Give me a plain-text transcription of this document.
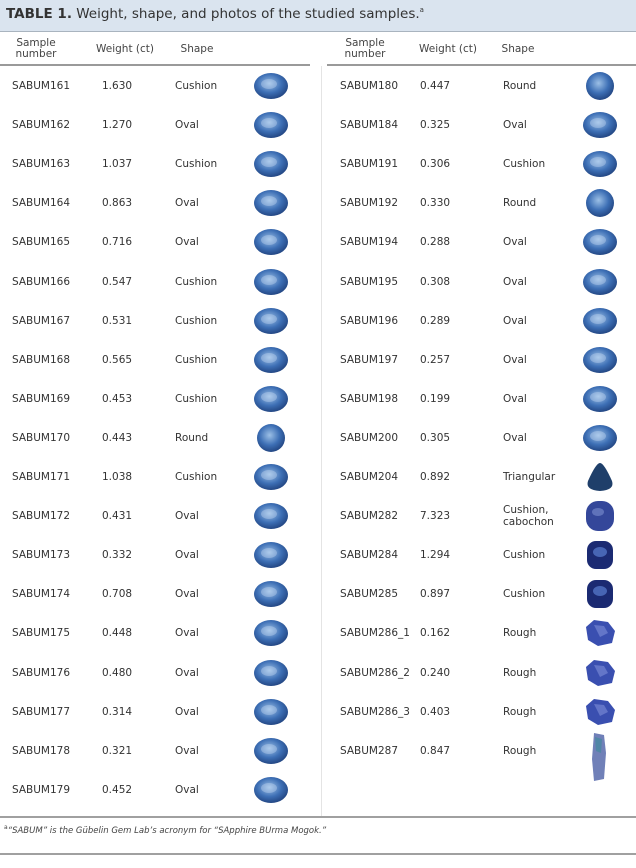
TABLE 1. Weight, shape, and photos of the studied samples.$^a$
Sample
number	Weight (ct)	Shape
SABUM161	1.630	Cushion
SABUM162	1.270	Oval
SABUM163	1.037	Cushion
SABUM164	0.863	Oval
SABUM165	0.716	Oval
SABUM166	0.547	Cushion
SABUM167	0.531	Cushion
SABUM168	0.565	Cushion
SABUM169	0.453	Cushion
SABUM170	0.443	Round
SABUM171	1.038	Cushion
SABUM172	0.431	Oval
SABUM173	0.332	Oval
SABUM174	0.708	Oval
SABUM175	0.448	Oval
SABUM176	0.480	Oval
SABUM177	0.314	Oval
SABUM178	0.321	Oval
SABUM179	0.452	Oval
Sample
number	Weight (ct)	Shape
SABUM180 0.447	Round
SABUM184 0.325	Oval
SABUM191 0.306	Cushion
SABUM192 0.330	Round
SABUM194 0.288	Oval
SABUM195 0.308	Oval
SABUM196 0.289	Oval
SABUM197 0.257	Oval
SABUM198 0.199	Oval
SABUM200 0.305	Oval
SABUM204 0.892	Triangular
SABUM282 7.323	Cushion,
cabochon
SABUM284 1.294	Cushion
SABUM285 0.897	Cushion
SABUM286_1 0.162	Rough
SABUM286_2 0.240	Rough
SABUM286_3 0.403	Rough
SABUM287 0.847	Rough
$^a$“SABUM” is the Gübelin Gem Lab’s acronym for “SApphire BUrma Mogok.”
